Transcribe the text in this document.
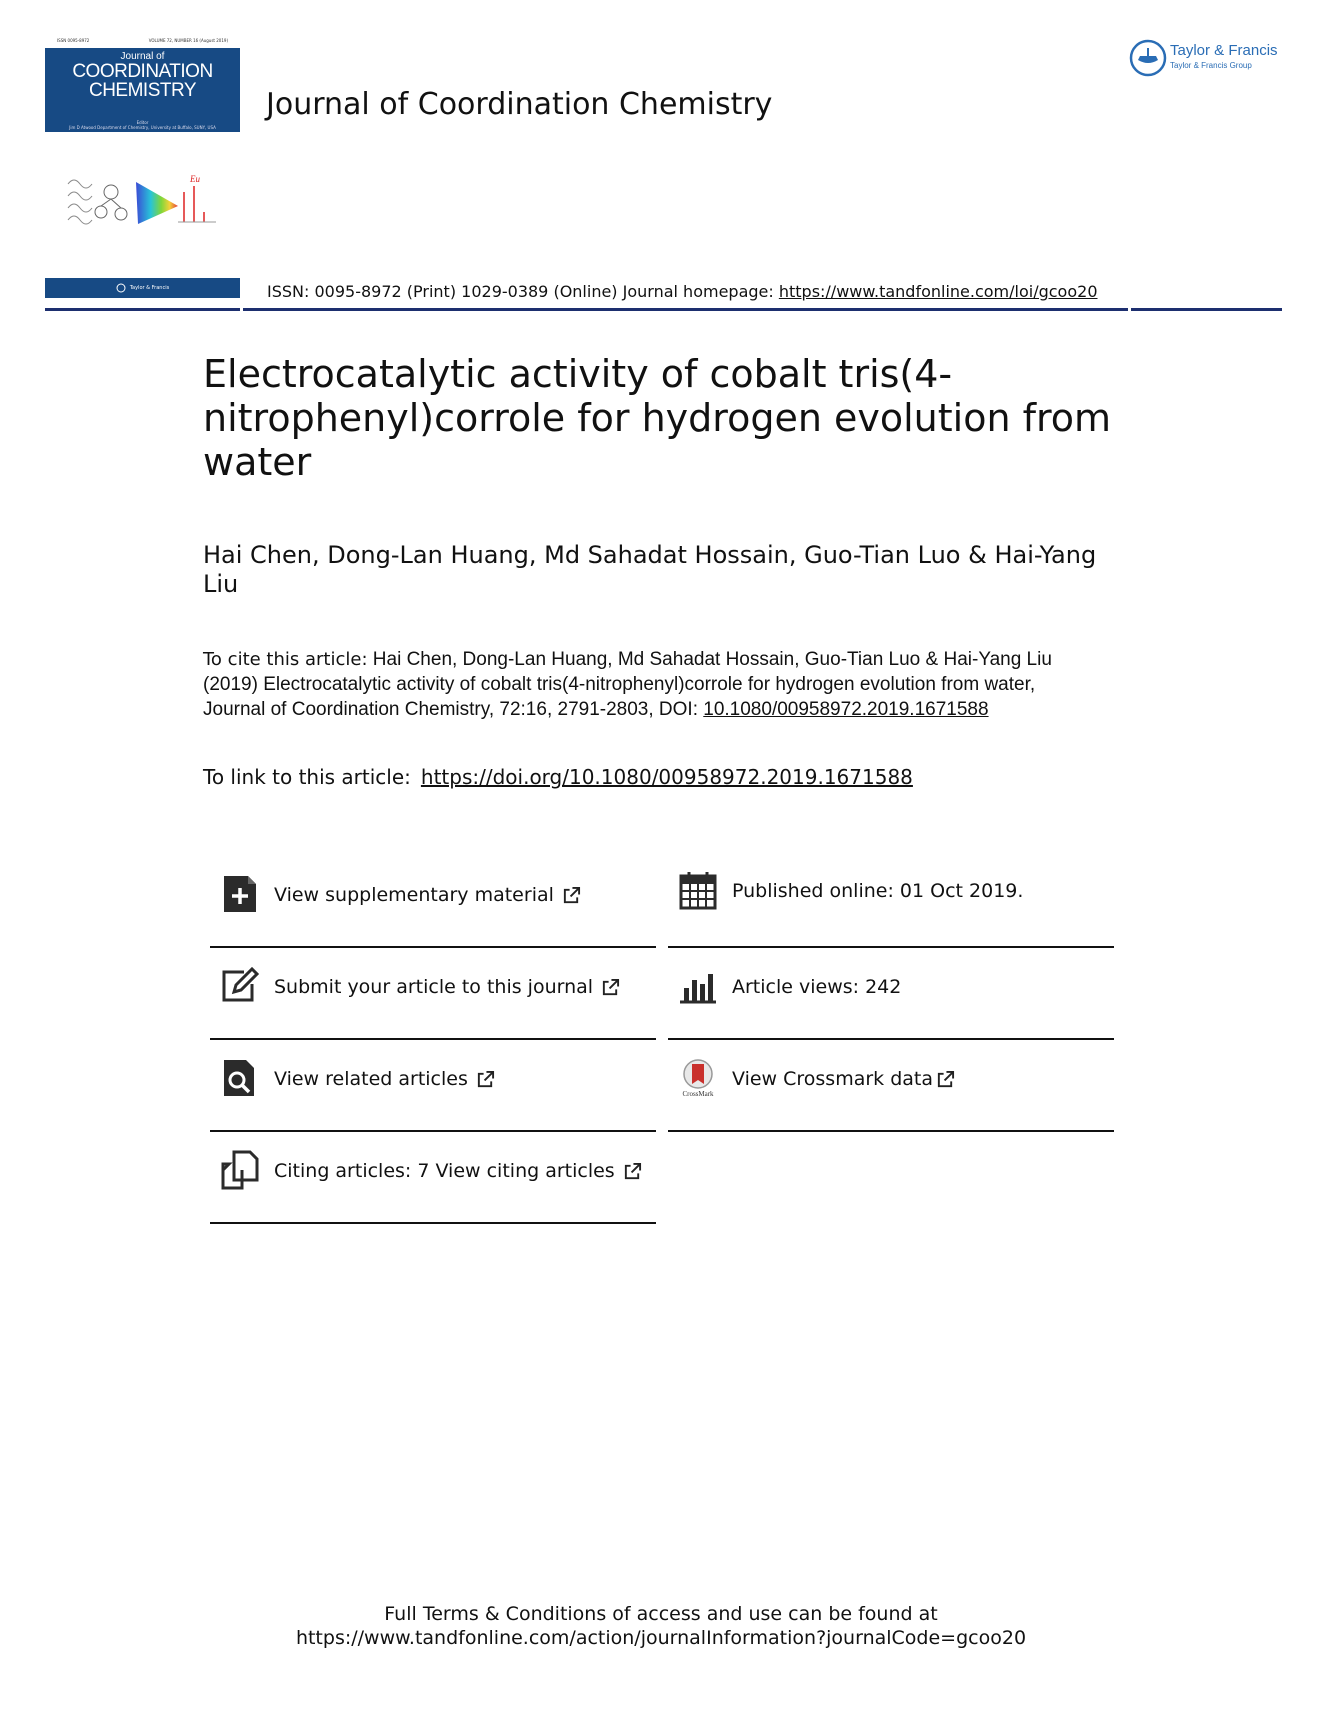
ISSN 0095-8972	VOLUME 72, NUMBER 16 (August 2019)
Journal of
COORDINATION
CHEMISTRY
Editor
Jim D Atwood Department of Chemistry, University at Buffalo, SUNY, USA
Eu
Taylor & Francis
Journal of Coordination Chemistry
Taylor & Francis
Taylor & Francis Group
ISSN: 0095-8972 (Print) 1029-0389 (Online) Journal homepage: https://www.tandfonline.com/loi/gcoo20
Electrocatalytic activity of cobalt tris(4-nitrophenyl)corrole for hydrogen evolution from water
Hai Chen, Dong-Lan Huang, Md Sahadat Hossain, Guo-Tian Luo & Hai-Yang Liu
To cite this article: Hai Chen, Dong-Lan Huang, Md Sahadat Hossain, Guo-Tian Luo & Hai-Yang Liu (2019) Electrocatalytic activity of cobalt tris(4-nitrophenyl)corrole for hydrogen evolution from water, Journal of Coordination Chemistry, 72:16, 2791-2803, DOI: 10.1080/00958972.2019.1671588
To link to this article: https://doi.org/10.1080/00958972.2019.1671588
View supplementary material
Submit your article to this journal
View related articles
Citing articles: 7 View citing articles
Published online: 01 Oct 2019.
Article views: 242
CrossMark
View Crossmark data
Full Terms & Conditions of access and use can be found at
https://www.tandfonline.com/action/journalInformation?journalCode=gcoo20
